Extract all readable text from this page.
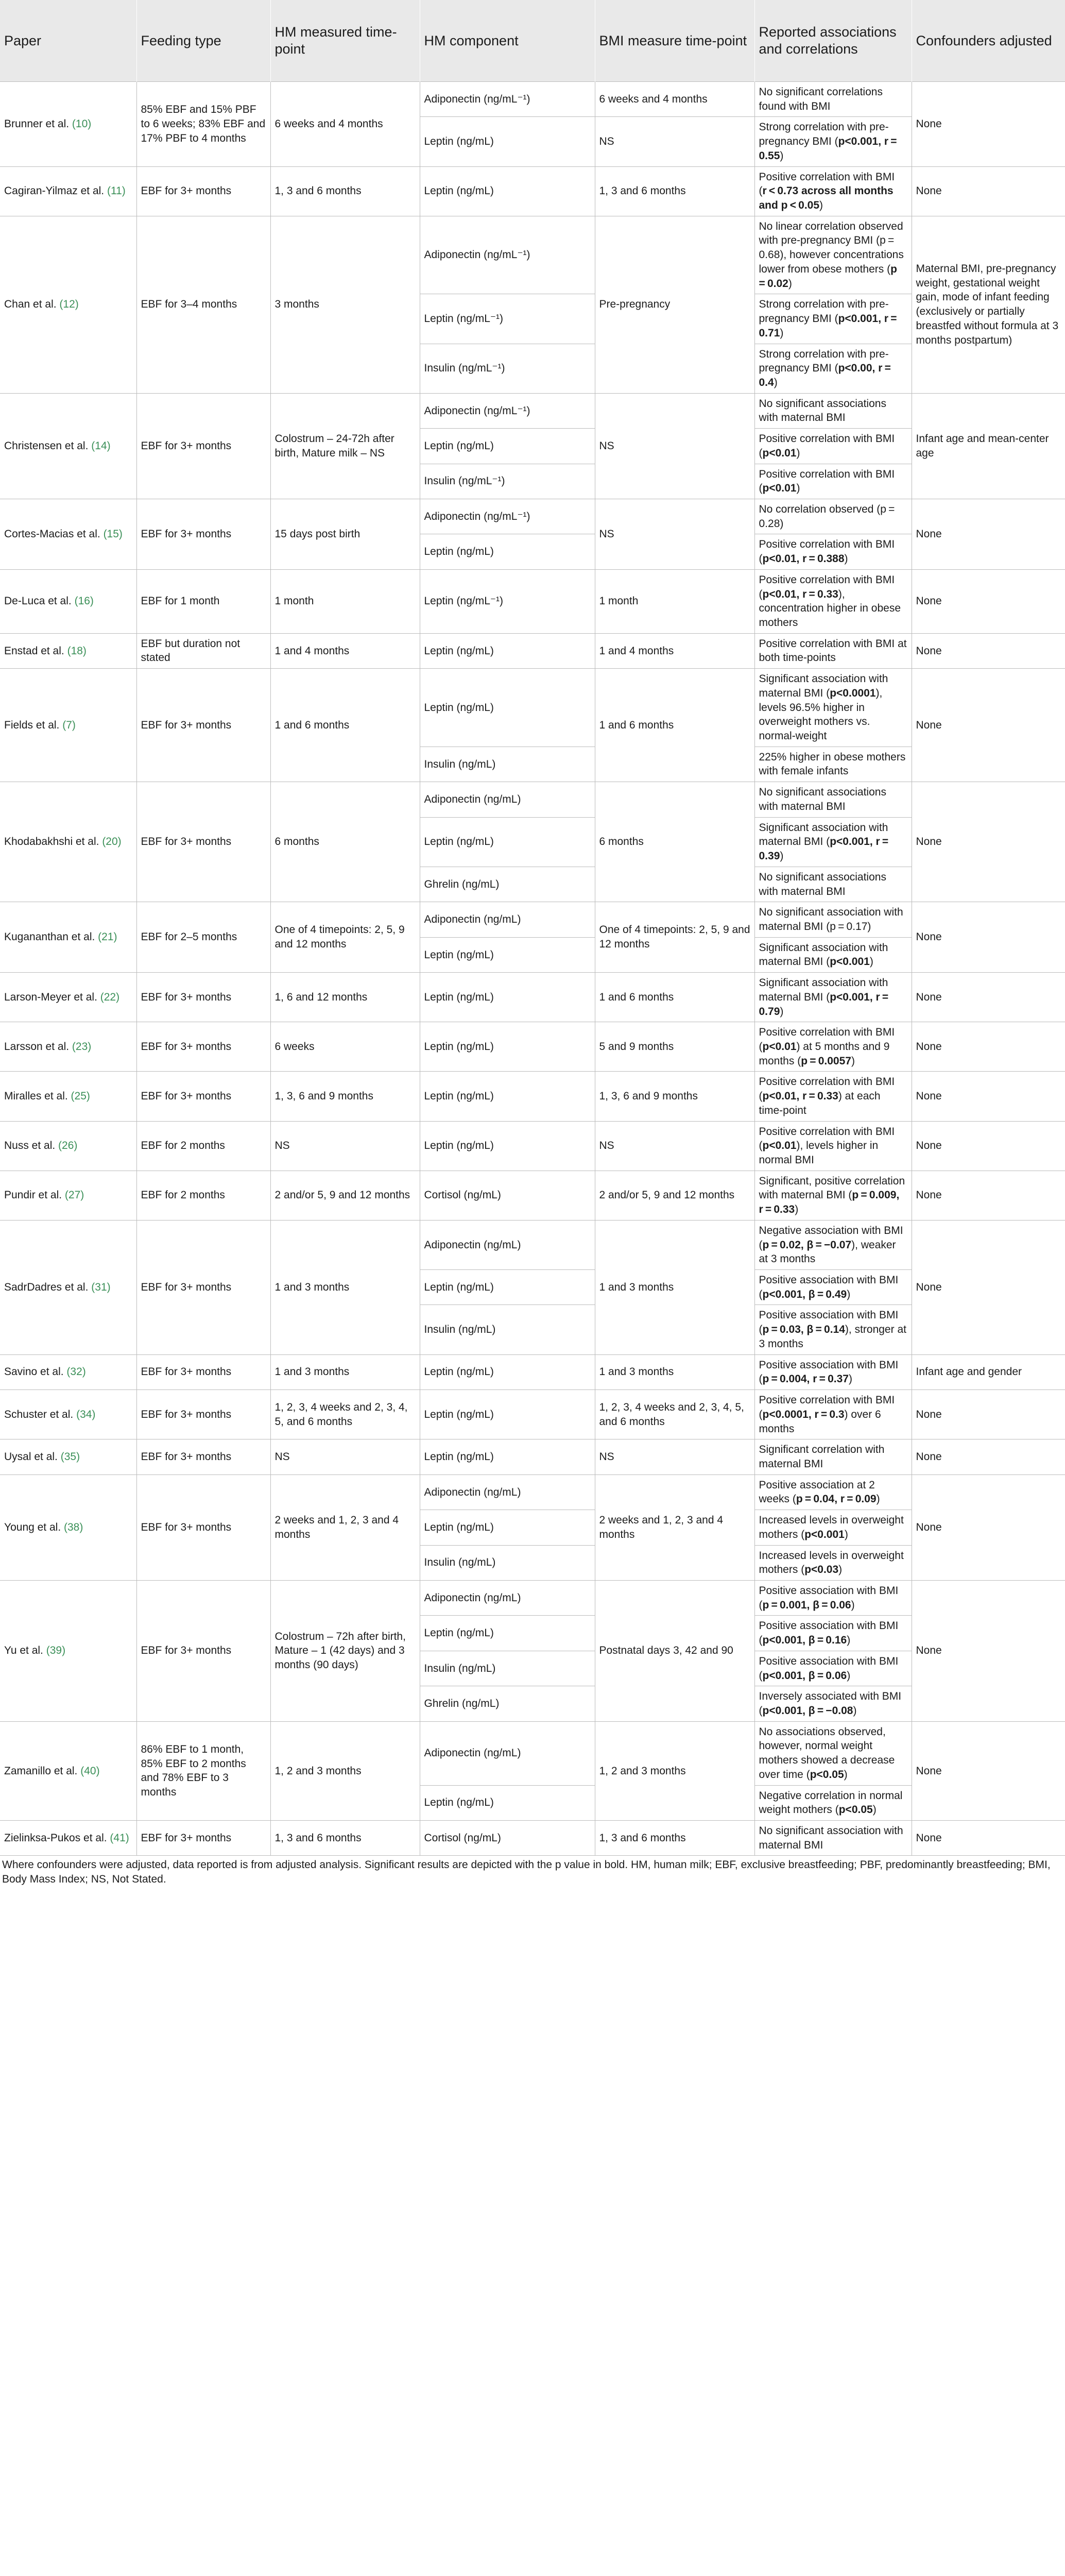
Paper	Feeding type	HM measured time-point	HM component	BMI measure time-point	Reported associations and correlations	Confounders adjusted
Brunner et al. (10)	85% EBF and 15% PBF to 6 weeks; 83% EBF and 17% PBF to 4 months	6 weeks and 4 months	Adiponectin (ng/mL⁻¹)	6 weeks and 4 months	No significant correlations found with BMI	None
			Leptin (ng/mL)	NS	Strong correlation with pre-pregnancy BMI (p<0.001, r = 0.55)	
Cagiran-Yilmaz et al. (11)	EBF for 3+ months	1, 3 and 6 months	Leptin (ng/mL)	1, 3 and 6 months	Positive correlation with BMI (r < 0.73 across all months and p < 0.05)	None
Chan et al. (12)	EBF for 3–4 months	3 months	Adiponectin (ng/mL⁻¹)	Pre-pregnancy	No linear correlation observed with pre-pregnancy BMI (p = 0.68), however concentrations lower from obese mothers (p = 0.02)	Maternal BMI, pre-pregnancy weight, gestational weight gain, mode of infant feeding (exclusively or partially breastfed without formula at 3 months postpartum)
			Leptin (ng/mL⁻¹)		Strong correlation with pre-pregnancy BMI (p<0.001, r = 0.71)	
			Insulin (ng/mL⁻¹)		Strong correlation with pre-pregnancy BMI (p<0.00, r = 0.4)	
Christensen et al. (14)	EBF for 3+ months	Colostrum – 24-72h after birth, Mature milk – NS	Adiponectin (ng/mL⁻¹)	NS	No significant associations with maternal BMI	Infant age and mean-center age
			Leptin (ng/mL)		Positive correlation with BMI (p<0.01)	
			Insulin (ng/mL⁻¹)		Positive correlation with BMI (p<0.01)	
Cortes-Macias et al. (15)	EBF for 3+ months	15 days post birth	Adiponectin (ng/mL⁻¹)	NS	No correlation observed (p = 0.28)	None
			Leptin (ng/mL)		Positive correlation with BMI (p<0.01, r = 0.388)	
De-Luca et al. (16)	EBF for 1 month	1 month	Leptin (ng/mL⁻¹)	1 month	Positive correlation with BMI (p<0.01, r = 0.33), concentration higher in obese mothers	None
Enstad et al. (18)	EBF but duration not stated	1 and 4 months	Leptin (ng/mL)	1 and 4 months	Positive correlation with BMI at both time-points	None
Fields et al. (7)	EBF for 3+ months	1 and 6 months	Leptin (ng/mL)	1 and 6 months	Significant association with maternal BMI (p<0.0001), levels 96.5% higher in overweight mothers vs. normal-weight	None
			Insulin (ng/mL)		225% higher in obese mothers with female infants	
Khodabakhshi et al. (20)	EBF for 3+ months	6 months	Adiponectin (ng/mL)	6 months	No significant associations with maternal BMI	None
			Leptin (ng/mL)		Significant association with maternal BMI (p<0.001, r = 0.39)	
			Ghrelin (ng/mL)		No significant associations with maternal BMI	
Kugananthan et al. (21)	EBF for 2–5 months	One of 4 timepoints: 2, 5, 9 and 12 months	Adiponectin (ng/mL)	One of 4 timepoints: 2, 5, 9 and 12 months	No significant association with maternal BMI (p = 0.17)	None
			Leptin (ng/mL)		Significant association with maternal BMI (p<0.001)	
Larson-Meyer et al. (22)	EBF for 3+ months	1, 6 and 12 months	Leptin (ng/mL)	1 and 6 months	Significant association with maternal BMI (p<0.001, r = 0.79)	None
Larsson et al. (23)	EBF for 3+ months	6 weeks	Leptin (ng/mL)	5 and 9 months	Positive correlation with BMI (p<0.01) at 5 months and 9 months (p = 0.0057)	None
Miralles et al. (25)	EBF for 3+ months	1, 3, 6 and 9 months	Leptin (ng/mL)	1, 3, 6 and 9 months	Positive correlation with BMI (p<0.01, r = 0.33) at each time-point	None
Nuss et al. (26)	EBF for 2 months	NS	Leptin (ng/mL)	NS	Positive correlation with BMI (p<0.01), levels higher in normal BMI	None
Pundir et al. (27)	EBF for 2 months	2 and/or 5, 9 and 12 months	Cortisol (ng/mL)	2 and/or 5, 9 and 12 months	Significant, positive correlation with maternal BMI (p = 0.009, r = 0.33)	None
SadrDadres et al. (31)	EBF for 3+ months	1 and 3 months	Adiponectin (ng/mL)	1 and 3 months	Negative association with BMI (p = 0.02, β = −0.07), weaker at 3 months	None
			Leptin (ng/mL)		Positive association with BMI (p<0.001, β = 0.49)	
			Insulin (ng/mL)		Positive association with BMI (p = 0.03, β = 0.14), stronger at 3 months	
Savino et al. (32)	EBF for 3+ months	1 and 3 months	Leptin (ng/mL)	1 and 3 months	Positive association with BMI (p = 0.004, r = 0.37)	Infant age and gender
Schuster et al. (34)	EBF for 3+ months	1, 2, 3, 4 weeks and 2, 3, 4, 5, and 6 months	Leptin (ng/mL)	1, 2, 3, 4 weeks and 2, 3, 4, 5, and 6 months	Positive correlation with BMI (p<0.0001, r = 0.3) over 6 months	None
Uysal et al. (35)	EBF for 3+ months	NS	Leptin (ng/mL)	NS	Significant correlation with maternal BMI	None
Young et al. (38)	EBF for 3+ months	2 weeks and 1, 2, 3 and 4 months	Adiponectin (ng/mL)	2 weeks and 1, 2, 3 and 4 months	Positive association at 2 weeks (p = 0.04, r = 0.09)	None
			Leptin (ng/mL)		Increased levels in overweight mothers (p<0.001)	
			Insulin (ng/mL)		Increased levels in overweight mothers (p<0.03)	
Yu et al. (39)	EBF for 3+ months	Colostrum – 72h after birth, Mature – 1 (42 days) and 3 months (90 days)	Adiponectin (ng/mL)	Postnatal days 3, 42 and 90	Positive association with BMI (p = 0.001, β = 0.06)	None
			Leptin (ng/mL)		Positive association with BMI (p<0.001, β = 0.16)	
			Insulin (ng/mL)		Positive association with BMI (p<0.001, β = 0.06)	
			Ghrelin (ng/mL)		Inversely associated with BMI (p<0.001, β = −0.08)	
Zamanillo et al. (40)	86% EBF to 1 month, 85% EBF to 2 months and 78% EBF to 3 months	1, 2 and 3 months	Adiponectin (ng/mL)	1, 2 and 3 months	No associations observed, however, normal weight mothers showed a decrease over time (p<0.05)	None
			Leptin (ng/mL)		Negative correlation in normal weight mothers (p<0.05)	
Zielinksa-Pukos et al. (41)	EBF for 3+ months	1, 3 and 6 months	Cortisol (ng/mL)	1, 3 and 6 months	No significant association with maternal BMI	None
Where confounders were adjusted, data reported is from adjusted analysis. Significant results are depicted with the p value in bold. HM, human milk; EBF, exclusive breastfeeding; PBF, predominantly breastfeeding; BMI, Body Mass Index; NS, Not Stated.
